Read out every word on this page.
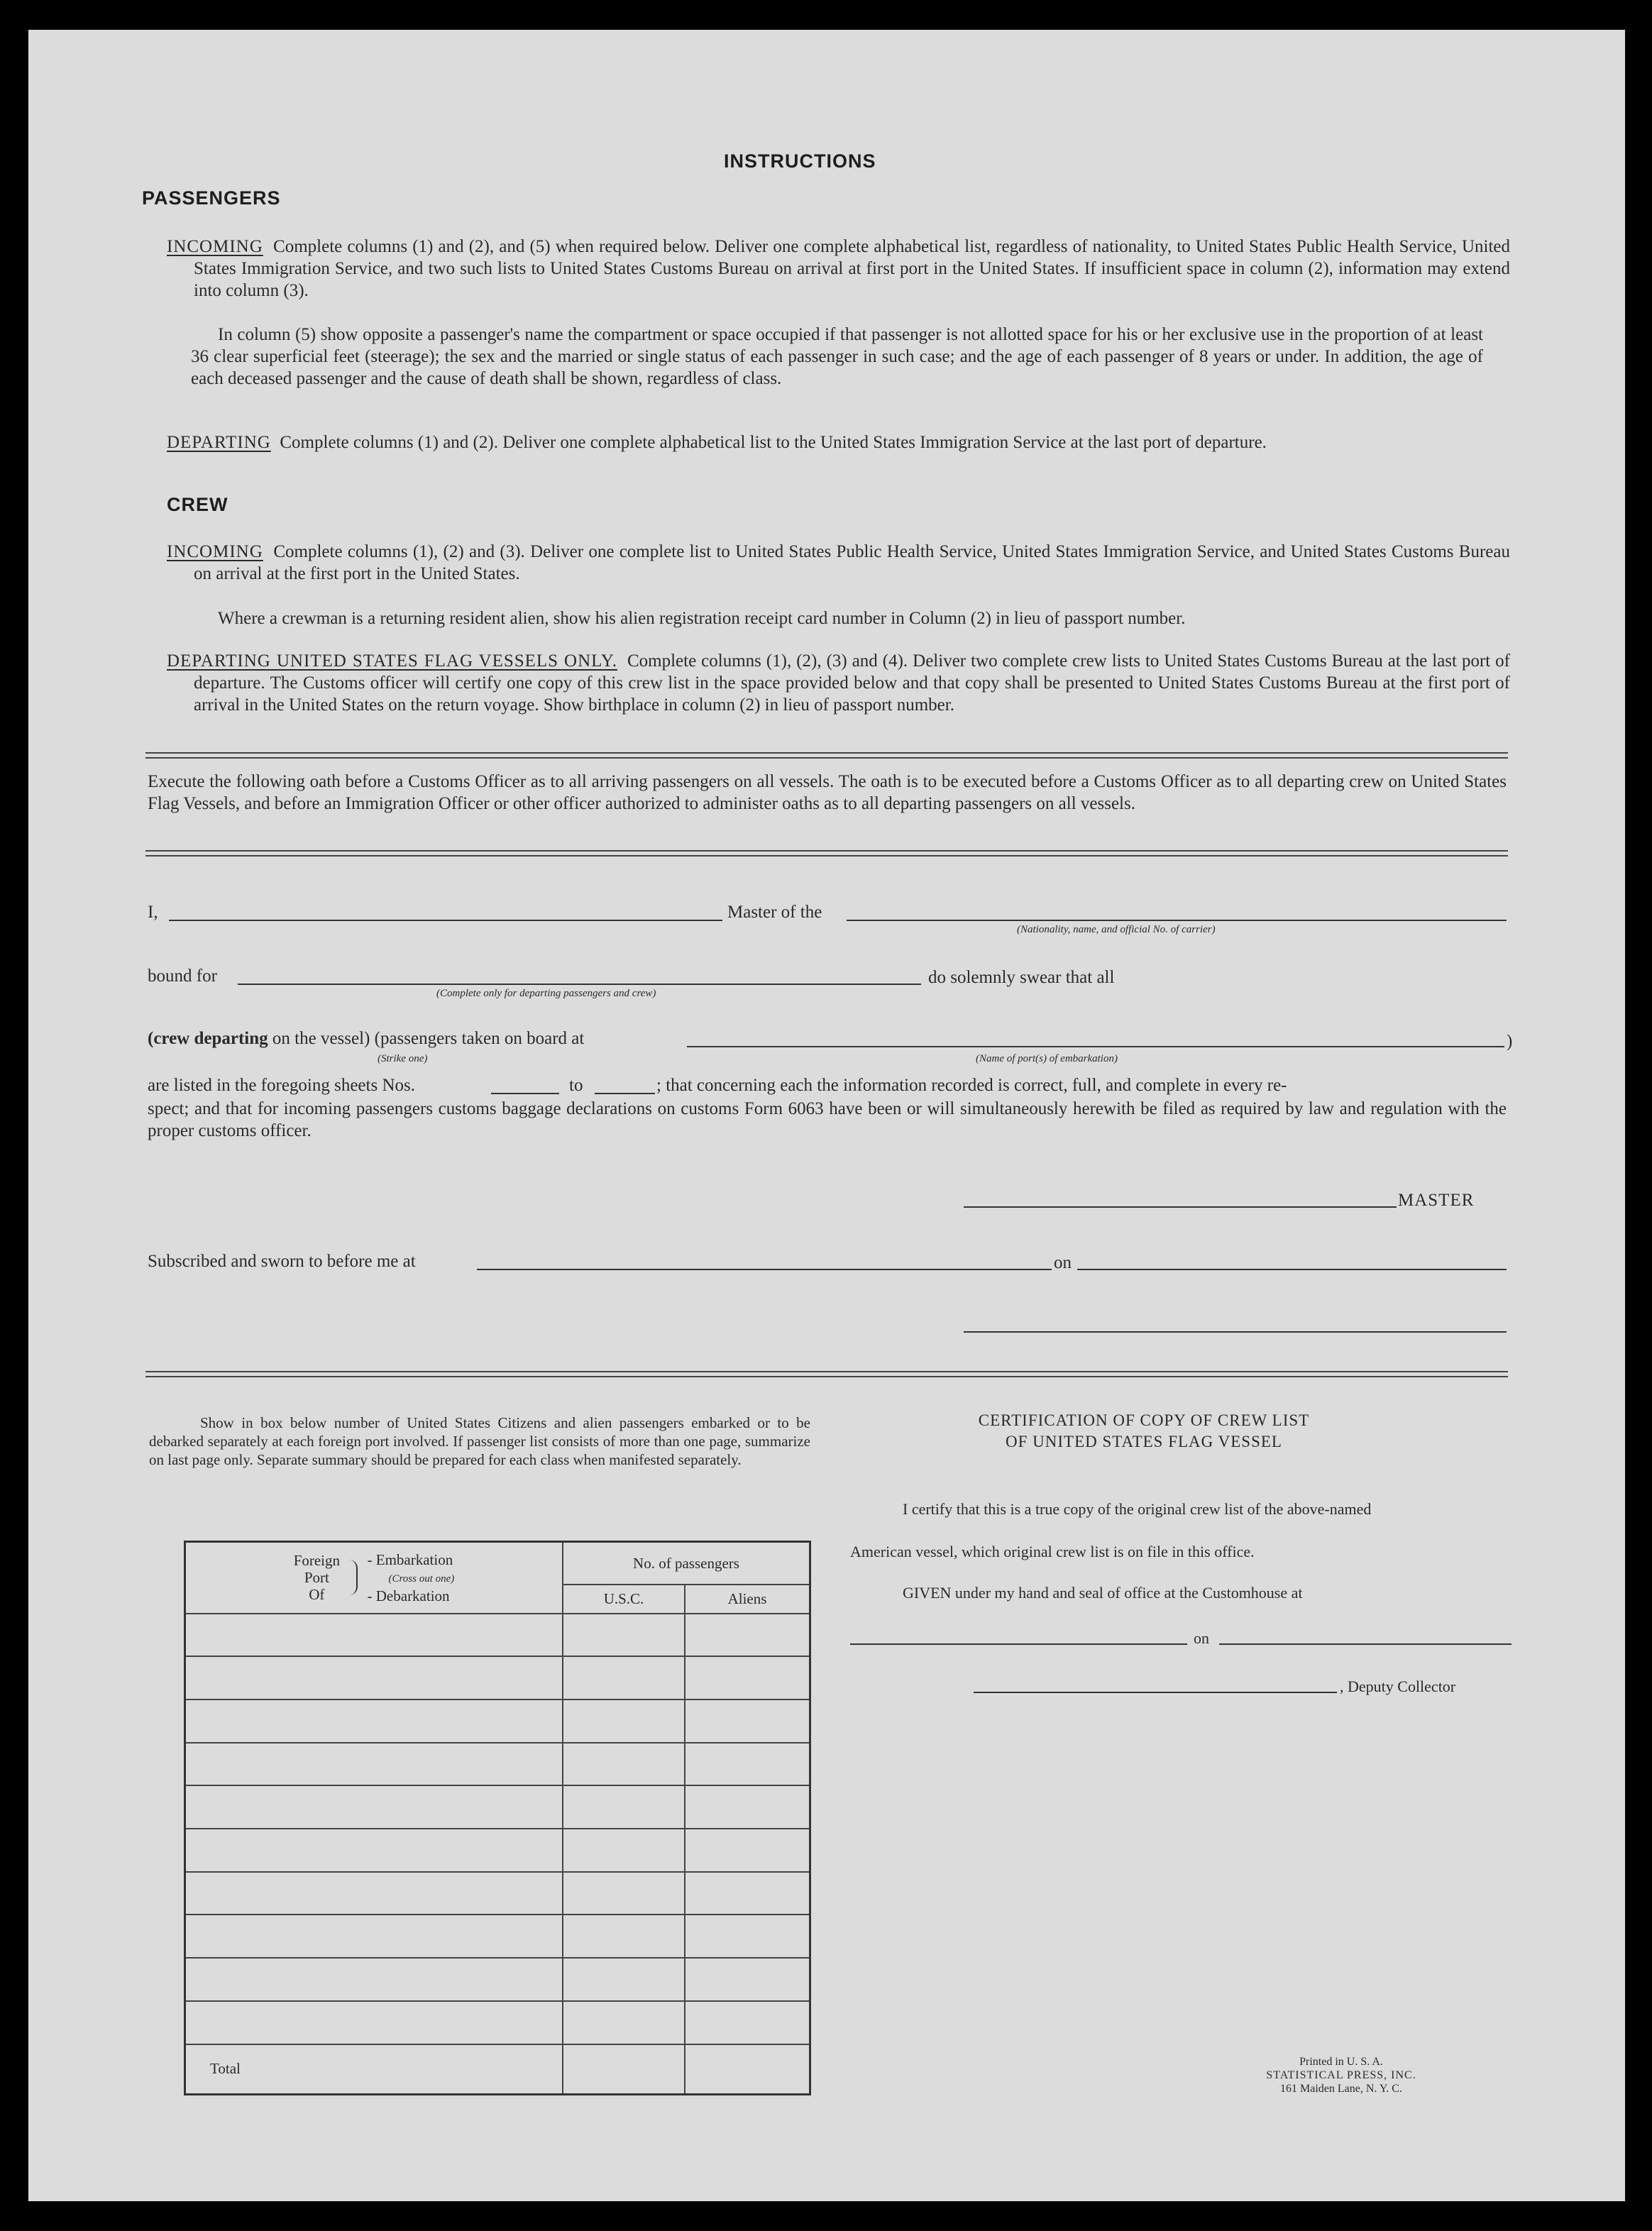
INSTRUCTIONS
PASSENGERS
INCOMING Complete columns (1) and (2), and (5) when required below. Deliver one complete alphabetical list, regardless of nationality, to United States Public Health Service, United States Immigration Service, and two such lists to United States Customs Bureau on arrival at first port in the United States. If insufficient space in column (2), information may extend into column (3).
In column (5) show opposite a passenger's name the compartment or space occupied if that passenger is not allotted space for his or her exclusive use in the proportion of at least 36 clear superficial feet (steerage); the sex and the married or single status of each passenger in such case; and the age of each passenger of 8 years or under. In addition, the age of each deceased passenger and the cause of death shall be shown, regardless of class.
DEPARTING Complete columns (1) and (2). Deliver one complete alphabetical list to the United States Immigration Service at the last port of departure.
CREW
INCOMING Complete columns (1), (2) and (3). Deliver one complete list to United States Public Health Service, United States Immigration Service, and United States Customs Bureau on arrival at the first port in the United States.
Where a crewman is a returning resident alien, show his alien registration receipt card number in Column (2) in lieu of passport number.
DEPARTING UNITED STATES FLAG VESSELS ONLY. Complete columns (1), (2), (3) and (4). Deliver two complete crew lists to United States Customs Bureau at the last port of departure. The Customs officer will certify one copy of this crew list in the space provided below and that copy shall be presented to United States Customs Bureau at the first port of arrival in the United States on the return voyage. Show birthplace in column (2) in lieu of passport number.
Execute the following oath before a Customs Officer as to all arriving passengers on all vessels. The oath is to be executed before a Customs Officer as to all departing crew on United States Flag Vessels, and before an Immigration Officer or other officer authorized to administer oaths as to all departing passengers on all vessels.
I,	Master of the
(Nationality, name, and official No. of carrier)
bound for
(Complete only for departing passengers and crew)
do solemnly swear that all
(crew departing on the vessel) (passengers taken on board at	)
(Strike one)	(Name of port(s) of embarkation)
are listed in the foregoing sheets Nos.	to	; that concerning each the information recorded is correct, full, and complete in every re-
spect; and that for incoming passengers customs baggage declarations on customs Form 6063 have been or will simultaneously herewith be filed as required by law and regulation with the proper customs officer.
MASTER
Subscribed and sworn to before me at	on
Show in box below number of United States Citizens and alien passengers embarked or to be debarked separately at each foreign port involved. If passenger list consists of more than one page, summarize on last page only. Separate summary should be prepared for each class when manifested separately.
Foreign
Port
Of  - Embarkation
(Cross out one)
- Debarkation	No. of passengers	
	U.S.C.	Aliens

Total		
CERTIFICATION OF COPY OF CREW LIST
OF UNITED STATES FLAG VESSEL
I certify that this is a true copy of the original crew list of the above-named
American vessel, which original crew list is on file in this office.
GIVEN under my hand and seal of office at the Customhouse at
on
, Deputy Collector
Printed in U. S. A.
STATISTICAL PRESS, INC.
161 Maiden Lane, N. Y. C.
